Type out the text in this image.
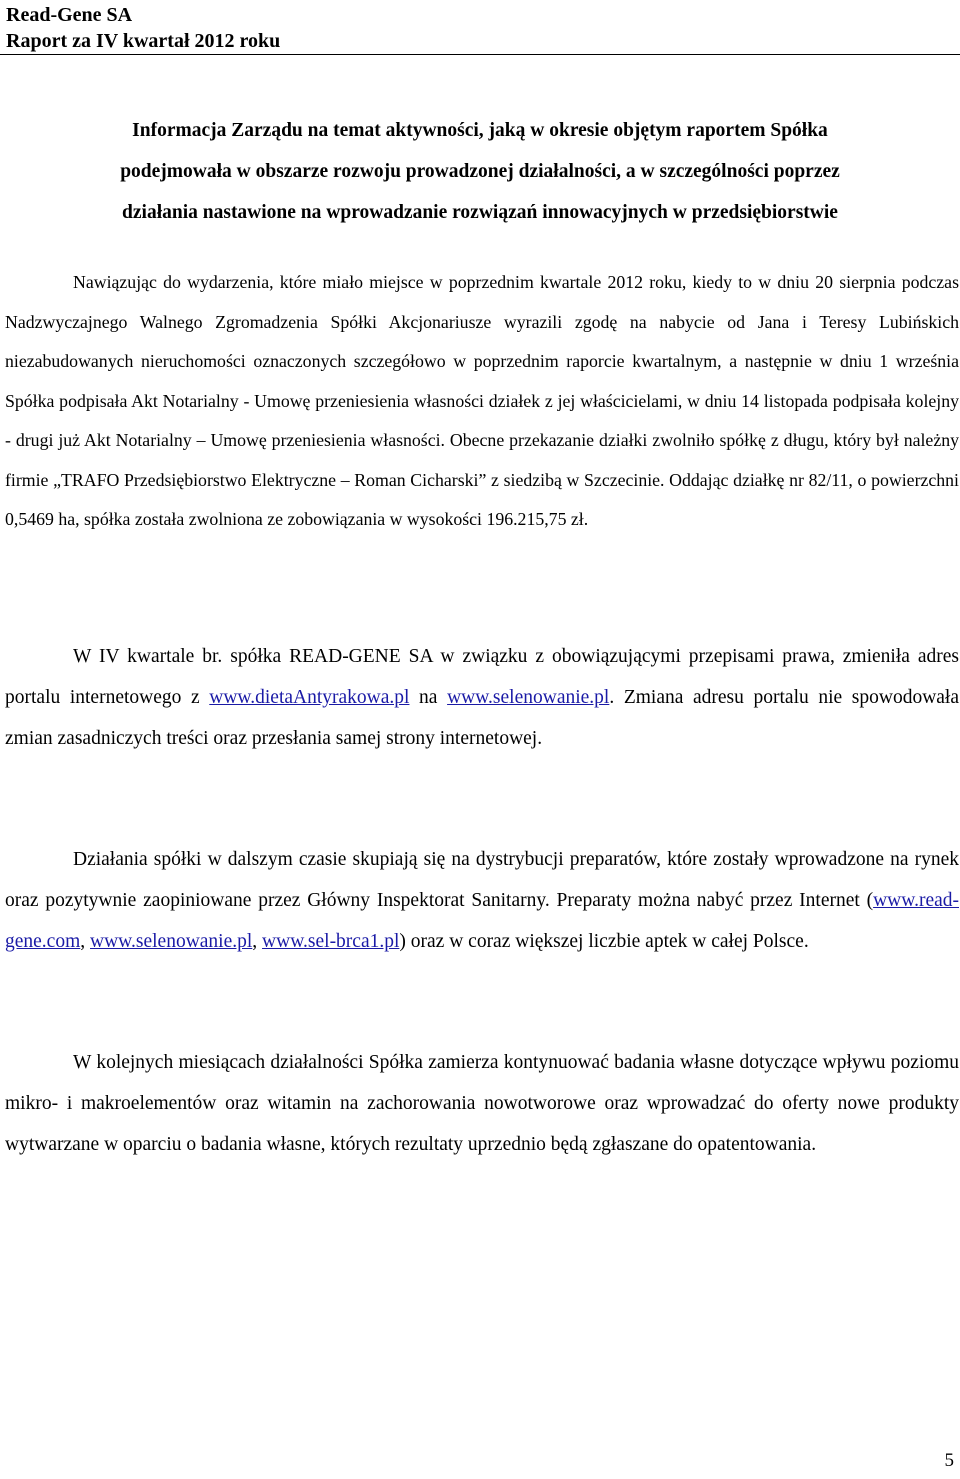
Read-Gene SA
Raport za IV kwartał 2012 roku
Informacja Zarządu na temat aktywności, jaką w okresie objętym raportem Spółka
podejmowała w obszarze rozwoju prowadzonej działalności, a w szczególności poprzez
działania nastawione na wprowadzanie rozwiązań innowacyjnych w przedsiębiorstwie
Nawiązując do wydarzenia, które miało miejsce w poprzednim kwartale 2012 roku, kiedy to w dniu 20 sierpnia podczas Nadzwyczajnego Walnego Zgromadzenia Spółki Akcjonariusze wyrazili zgodę na nabycie od Jana i Teresy Lubińskich niezabudowanych nieruchomości oznaczonych szczegółowo w poprzednim raporcie kwartalnym, a następnie w dniu 1 września Spółka podpisała Akt Notarialny - Umowę przeniesienia własności działek z jej właścicielami, w dniu 14 listopada podpisała kolejny - drugi już Akt Notarialny – Umowę przeniesienia własności. Obecne przekazanie działki zwolniło spółkę z długu, który był należny firmie „TRAFO Przedsiębiorstwo Elektryczne – Roman Cicharski” z siedzibą w Szczecinie. Oddając działkę nr 82/11, o powierzchni 0,5469 ha, spółka została zwolniona ze zobowiązania w wysokości 196.215,75 zł.
W IV kwartale br. spółka READ-GENE SA w związku z obowiązującymi przepisami prawa, zmieniła adres portalu internetowego z www.dietaAntyrakowa.pl na www.selenowanie.pl. Zmiana adresu portalu nie spowodowała zmian zasadniczych treści oraz przesłania samej strony internetowej.
Działania spółki w dalszym czasie skupiają się na dystrybucji preparatów, które zostały wprowadzone na rynek oraz pozytywnie zaopiniowane przez Główny Inspektorat Sanitarny. Preparaty można nabyć przez Internet (www.read-gene.com, www.selenowanie.pl, www.sel-brca1.pl) oraz w coraz większej liczbie aptek w całej Polsce.
W kolejnych miesiącach działalności Spółka zamierza kontynuować badania własne dotyczące wpływu poziomu mikro- i makroelementów oraz witamin na zachorowania nowotworowe oraz wprowadzać do oferty nowe produkty wytwarzane w oparciu o badania własne, których rezultaty uprzednio będą zgłaszane do opatentowania.
5
